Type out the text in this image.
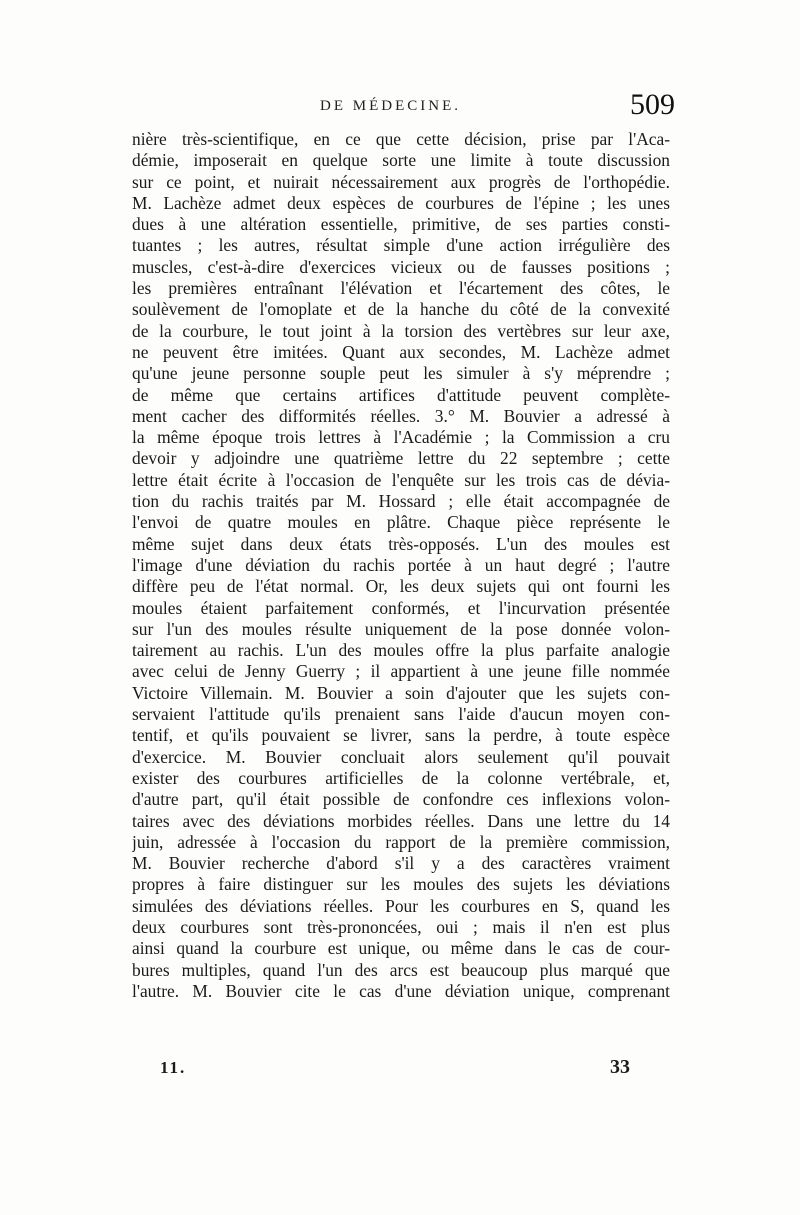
DE MÉDECINE.	509
nière très-scientifique, en ce que cette décision, prise par l'Aca-
démie, imposerait en quelque sorte une limite à toute discussion
sur ce point, et nuirait nécessairement aux progrès de l'orthopédie.
M. Lachèze admet deux espèces de courbures de l'épine ; les unes
dues à une altération essentielle, primitive, de ses parties consti-
tuantes ; les autres, résultat simple d'une action irrégulière des
muscles, c'est-à-dire d'exercices vicieux ou de fausses positions ;
les premières entraînant l'élévation et l'écartement des côtes, le
soulèvement de l'omoplate et de la hanche du côté de la convexité
de la courbure, le tout joint à la torsion des vertèbres sur leur axe,
ne peuvent être imitées. Quant aux secondes, M. Lachèze admet
qu'une jeune personne souple peut les simuler à s'y méprendre ;
de même que certains artifices d'attitude peuvent complète-
ment cacher des difformités réelles. 3.° M. Bouvier a adressé à
la même époque trois lettres à l'Académie ; la Commission a cru
devoir y adjoindre une quatrième lettre du 22 septembre ; cette
lettre était écrite à l'occasion de l'enquête sur les trois cas de dévia-
tion du rachis traités par M. Hossard ; elle était accompagnée de
l'envoi de quatre moules en plâtre. Chaque pièce représente le
même sujet dans deux états très-opposés. L'un des moules est
l'image d'une déviation du rachis portée à un haut degré ; l'autre
diffère peu de l'état normal. Or, les deux sujets qui ont fourni les
moules étaient parfaitement conformés, et l'incurvation présentée
sur l'un des moules résulte uniquement de la pose donnée volon-
tairement au rachis. L'un des moules offre la plus parfaite analogie
avec celui de Jenny Guerry ; il appartient à une jeune fille nommée
Victoire Villemain. M. Bouvier a soin d'ajouter que les sujets con-
servaient l'attitude qu'ils prenaient sans l'aide d'aucun moyen con-
tentif, et qu'ils pouvaient se livrer, sans la perdre, à toute espèce
d'exercice. M. Bouvier concluait alors seulement qu'il pouvait
exister des courbures artificielles de la colonne vertébrale, et,
d'autre part, qu'il était possible de confondre ces inflexions volon-
taires avec des déviations morbides réelles. Dans une lettre du 14
juin, adressée à l'occasion du rapport de la première commission,
M. Bouvier recherche d'abord s'il y a des caractères vraiment
propres à faire distinguer sur les moules des sujets les déviations
simulées des déviations réelles. Pour les courbures en S, quand les
deux courbures sont très-prononcées, oui ; mais il n'en est plus
ainsi quand la courbure est unique, ou même dans le cas de cour-
bures multiples, quand l'un des arcs est beaucoup plus marqué que
l'autre. M. Bouvier cite le cas d'une déviation unique, comprenant
11.	33
